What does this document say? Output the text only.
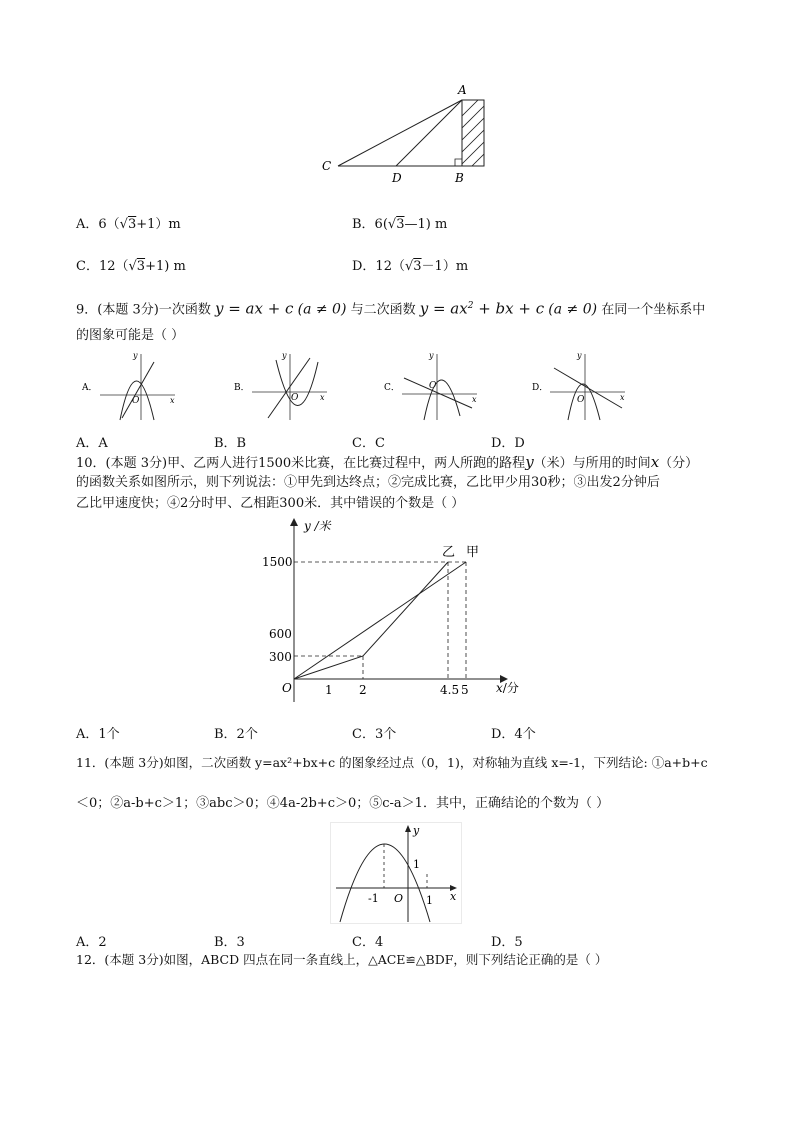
A
C
D	B
A．6（√3+1）m	B．6(√3—1) m
C．12（√3+1) m	D．12（√3－1）m
9．(本题 3分)一次函数 y = ax + c (a ≠ 0) 与二次函数 $y = ax^2$ + bx + c (a ≠ 0) 在同一个坐标系中
的图象可能是（ ）
A．
y
x
O
B．
y
x
O
C．
y
x
O	D．
y
x
O
A．A	B．B	C．C	D．D
10．(本题 3分)甲、乙两人进行1500米比赛，在比赛过程中，两人所跑的路程y（米）与所用的时间x（分）
的函数关系如图所示，则下列说法：①甲先到达终点；②完成比赛，乙比甲少用30秒；③出发2分钟后
乙比甲速度快；④2分时甲、乙相距300米．其中错误的个数是（ ）
y /米
x/分
O
1500
600
300
1 2	4.5 5
乙 甲
A．1个	B．2个	C．3个	D．4个
11．(本题 3分)如图，二次函数 y=ax²+bx+c 的图象经过点（0，1)，对称轴为直线 x=-1，下列结论: ①a+b+c
＜0；②a-b+c＞1；③abc＞0；④4a-2b+c＞0；⑤c-a＞1．其中，正确结论的个数为（ ）
y
x
1
-1 O 1
A．2	B．3	C．4	D．5
12．(本题 3分)如图，ABCD 四点在同一条直线上，△ACE≌△BDF，则下列结论正确的是（ ）
